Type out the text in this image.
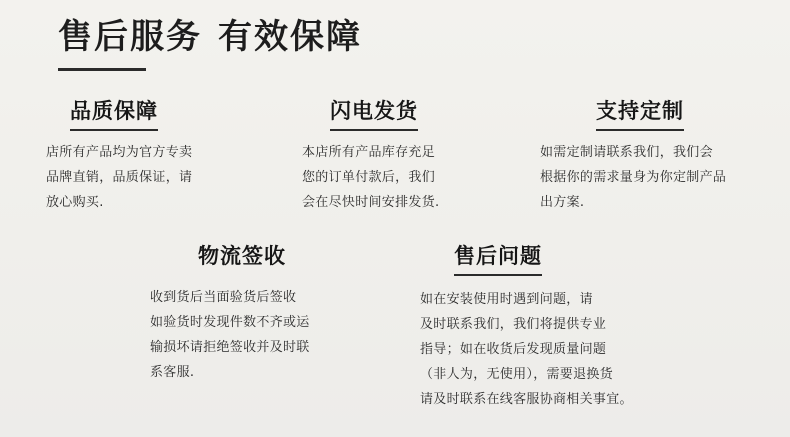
售后服务 有效保障
品质保障
店所有产品均为官方专卖
品牌直销，品质保证，请
放心购买.
闪电发货
本店所有产品库存充足
您的订单付款后，我们
会在尽快时间安排发货.
支持定制
如需定制请联系我们，我们会
根据你的需求量身为你定制产品
出方案.
物流签收
收到货后当面验货后签收
如验货时发现件数不齐或运
输损坏请拒绝签收并及时联
系客服.
售后问题
如在安装使用时遇到问题，请
及时联系我们，我们将提供专业
指导；如在收货后发现质量问题
（非人为，无使用），需要退换货
请及时联系在线客服协商相关事宜。
